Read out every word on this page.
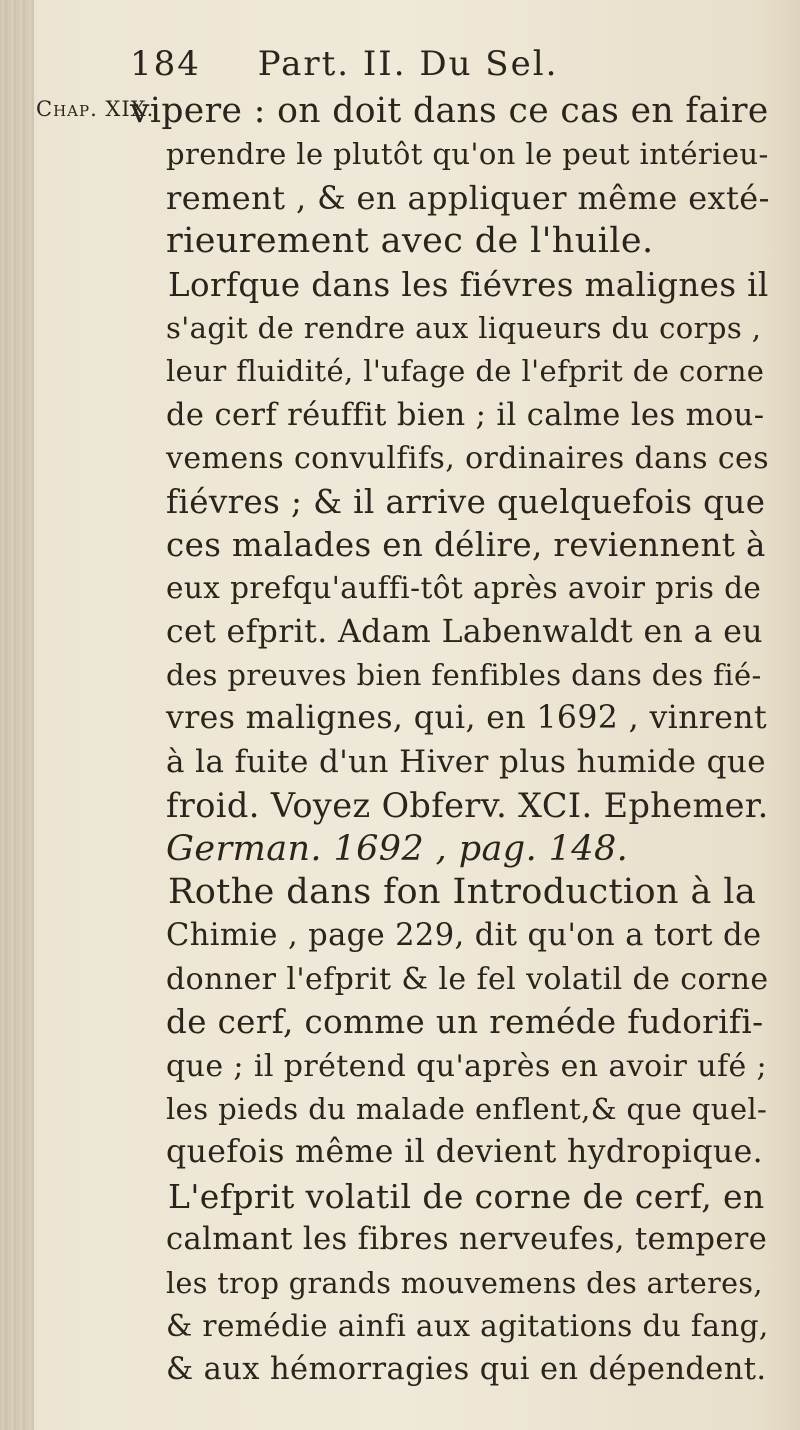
184 Part. II. Du Sel.
Chap. XIX.
vipere : on doit dans ce cas en faire
prendre le plutôt qu'on le peut intérieu-
rement , & en appliquer même exté-
rieurement avec de l'huile.
Lorfque dans les fiévres malignes il
s'agit de rendre aux liqueurs du corps ,
leur fluidité, l'ufage de l'efprit de corne
de cerf réuffit bien ; il calme les mou-
vemens convulfifs, ordinaires dans ces
fiévres ; & il arrive quelquefois que
ces malades en délire, reviennent à
eux prefqu'auffi-tôt après avoir pris de
cet efprit. Adam Labenwaldt en a eu
des preuves bien fenfibles dans des fié-
vres malignes, qui, en 1692 , vinrent
à la fuite d'un Hiver plus humide que
froid. Voyez Obferv. XCI. Ephemer.
German. 1692 , pag. 148.
Rothe dans fon Introduction à la
Chimie , page 229, dit qu'on a tort de
donner l'efprit & le fel volatil de corne
de cerf, comme un reméde fudorifi-
que ; il prétend qu'après en avoir ufé ;
les pieds du malade enflent,& que quel-
quefois même il devient hydropique.
L'efprit volatil de corne de cerf, en
calmant les fibres nerveufes, tempere
les trop grands mouvemens des arteres,
& remédie ainfi aux agitations du fang,
& aux hémorragies qui en dépendent.
